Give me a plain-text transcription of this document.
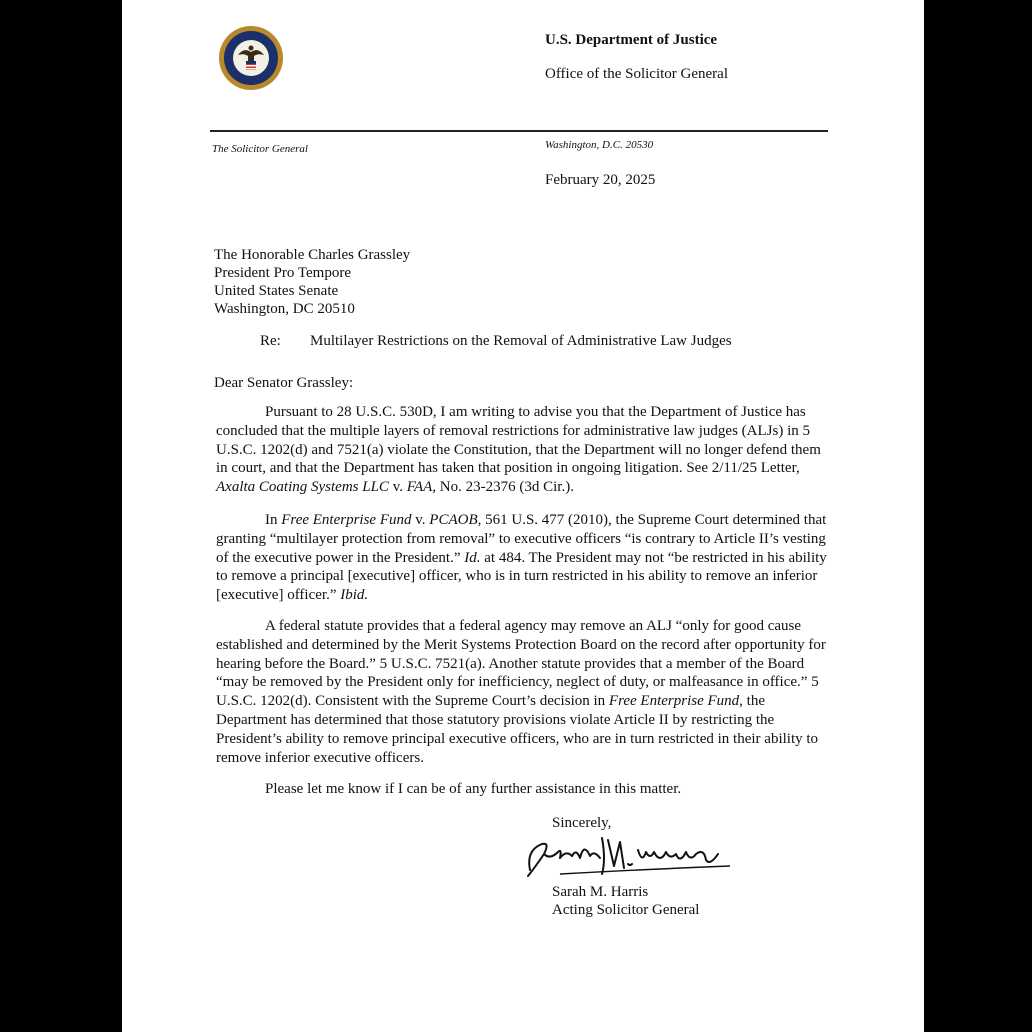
U.S. Department of Justice
Office of the Solicitor General
The Solicitor General	Washington, D.C. 20530
February 20, 2025
The Honorable Charles Grassley
President Pro Tempore
United States Senate
Washington, DC 20510
Re: Multilayer Restrictions on the Removal of Administrative Law Judges
Dear Senator Grassley:

Pursuant to 28 U.S.C. 530D, I am writing to advise you that the Department of Justice has concluded that the multiple layers of removal restrictions for administrative law judges (ALJs) in 5 U.S.C. 1202(d) and 7521(a) violate the Constitution, that the Department will no longer defend them in court, and that the Department has taken that position in ongoing litigation. See 2/11/25 Letter, Axalta Coating Systems LLC v. FAA, No. 23-2376 (3d Cir.).

In Free Enterprise Fund v. PCAOB, 561 U.S. 477 (2010), the Supreme Court determined that granting “multilayer protection from removal” to executive officers “is contrary to Article II’s vesting of the executive power in the President.” Id. at 484. The President may not “be restricted in his ability to remove a principal [executive] officer, who is in turn restricted in his ability to remove an inferior [executive] officer.” Ibid.

A federal statute provides that a federal agency may remove an ALJ “only for good cause established and determined by the Merit Systems Protection Board on the record after opportunity for hearing before the Board.” 5 U.S.C. 7521(a). Another statute provides that a member of the Board “may be removed by the President only for inefficiency, neglect of duty, or malfeasance in office.” 5 U.S.C. 1202(d). Consistent with the Supreme Court’s decision in Free Enterprise Fund, the Department has determined that those statutory provisions violate Article II by restricting the President’s ability to remove principal executive officers, who are in turn restricted in their ability to remove inferior executive officers.

Please let me know if I can be of any further assistance in this matter.

Sincerely,
Sarah M. Harris
Acting Solicitor General
